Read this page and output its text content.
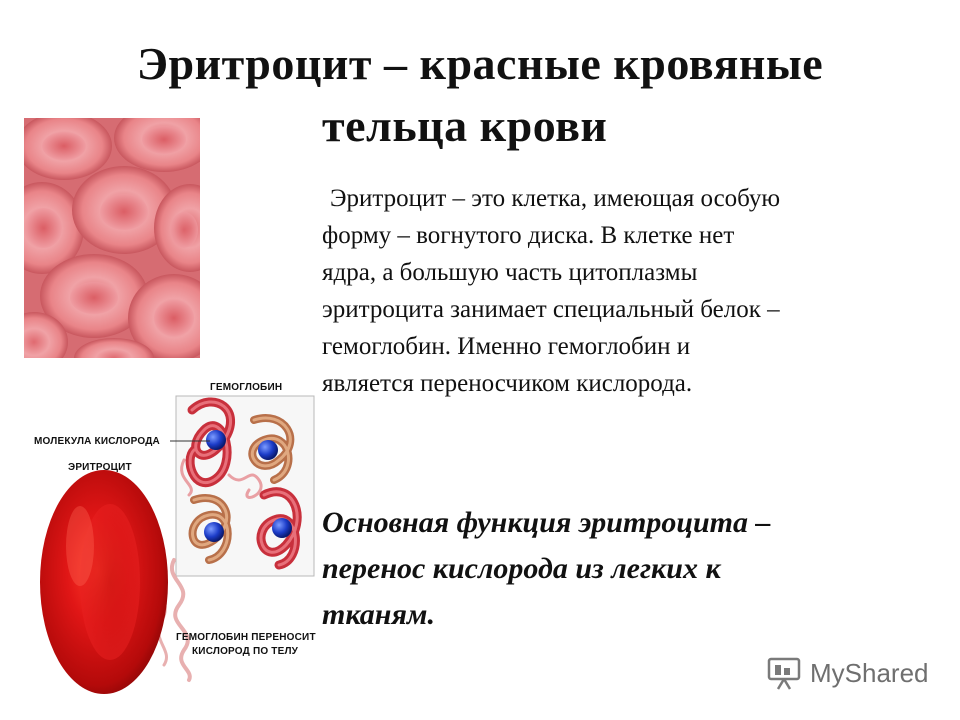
Эритроцит – красные кровяные
тельца крови
Эритроцит – это клетка, имеющая особую
форму – вогнутого диска. В клетке нет
ядра, а большую часть цитоплазмы
эритроцита занимает специальный белок –
гемоглобин. Именно гемоглобин и
является переносчиком кислорода.
Основная функция эритроцита –
перенос кислорода из легких к
тканям.
ГЕМОГЛОБИН
МОЛЕКУЛА КИСЛОРОДА
ЭРИТРОЦИТ
ГЕМОГЛОБИН ПЕРЕНОСИТ
КИСЛОРОД ПО ТЕЛУ
MyShared
